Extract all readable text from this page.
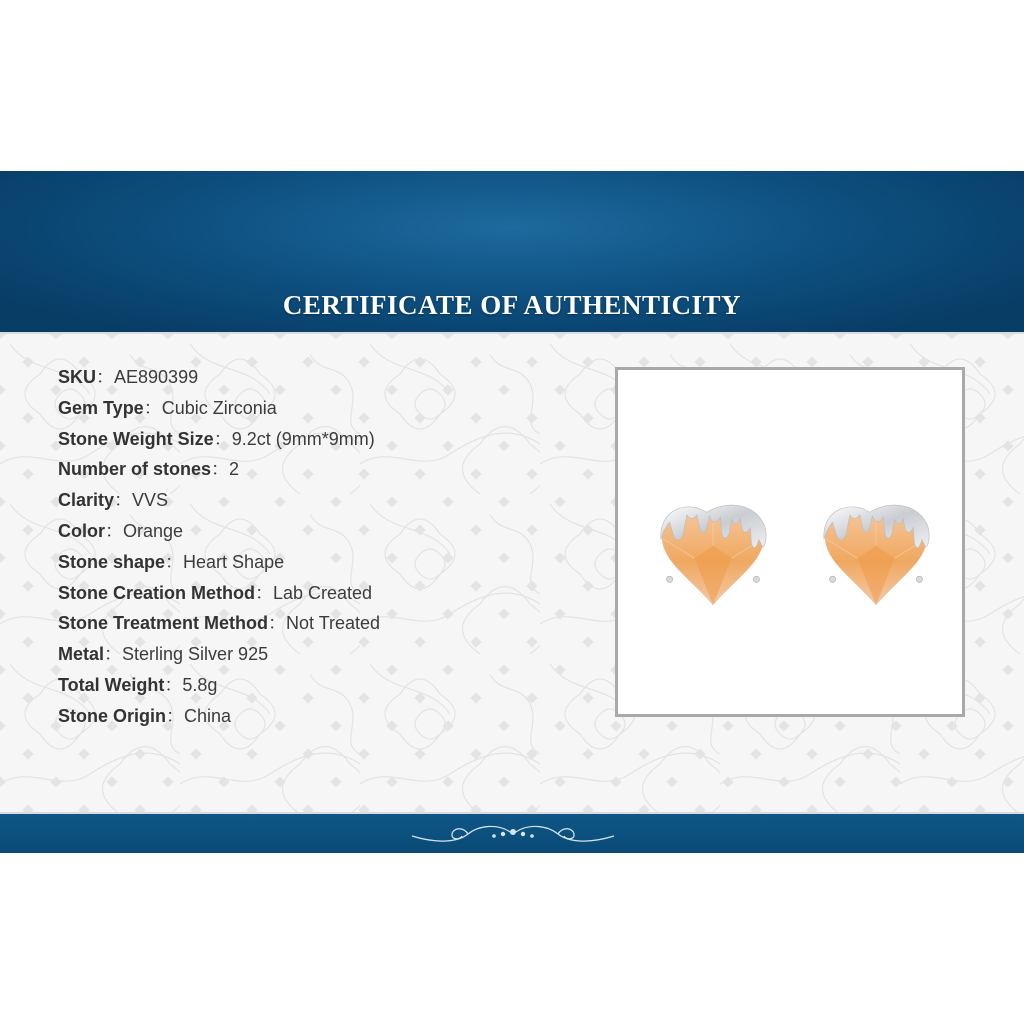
CERTIFICATE OF AUTHENTICITY
SKU：AE890399
Gem Type：Cubic Zirconia
Stone Weight Size：9.2ct (9mm*9mm)
Number of stones：2
Clarity：VVS
Color：Orange
Stone shape：Heart Shape
Stone Creation Method：Lab Created
Stone Treatment Method：Not Treated
Metal：Sterling Silver 925
Total Weight：5.8g
Stone Origin：China
